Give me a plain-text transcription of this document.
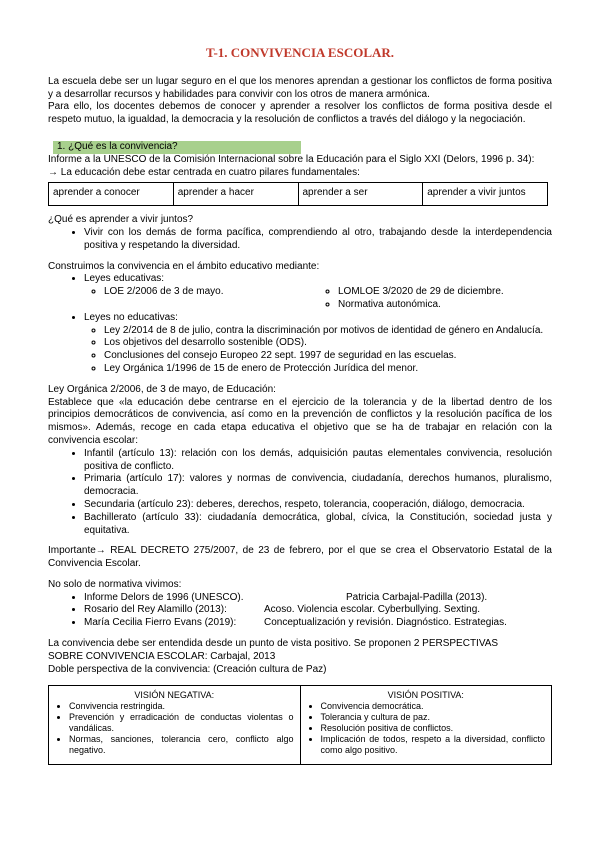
T-1. CONVIVENCIA ESCOLAR.

La escuela debe ser un lugar seguro en el que los menores aprendan a gestionar los conflictos de forma positiva y a desarrollar recursos y habilidades para convivir con los otros de manera armónica.

Para ello, los docentes debemos de conocer y aprender a resolver los conflictos de forma positiva desde el respeto mutuo, la igualdad, la democracia y la resolución de conflictos a través del diálogo y la negociación.

1. ¿Qué es la convivencia?

Informe a la UNESCO de la Comisión Internacional sobre la Educación para el Siglo XXI (Delors, 1996 p. 34):

→ La educación debe estar centrada en cuatro pilares fundamentales:

aprender a conocer	aprender a hacer	aprender a ser	aprender a vivir juntos

¿Qué es aprender a vivir juntos?

• Vivir con los demás de forma pacífica, comprendiendo al otro, trabajando desde la interdependencia positiva y respetando la diversidad.

Construimos la convivencia en el ámbito educativo mediante:

• Leyes educativas:
◦ LOE 2/2006 de 3 de mayo.
◦	LOMLOE 3/2020 de 29 de diciembre.
◦ Normativa autonómica.
• Leyes no educativas:
◦ Ley 2/2014 de 8 de julio, contra la discriminación por motivos de identidad de género en Andalucía.
◦ Los objetivos del desarrollo sostenible (ODS).
◦ Conclusiones del consejo Europeo 22 sept. 1997 de seguridad en las escuelas.
◦ Ley Orgánica 1/1996 de 15 de enero de Protección Jurídica del menor.

Ley Orgánica 2/2006, de 3 de mayo, de Educación:

Establece que «la educación debe centrarse en el ejercicio de la tolerancia y de la libertad dentro de los principios democráticos de convivencia, así como en la prevención de conflictos y la resolución pacífica de los mismos». Además, recoge en cada etapa educativa el objetivo que se ha de trabajar en relación con la convivencia escolar:

• Infantil (artículo 13): relación con los demás, adquisición pautas elementales convivencia, resolución positiva de conflicto.
• Primaria (artículo 17): valores y normas de convivencia, ciudadanía, derechos humanos, pluralismo, democracia.
• Secundaria (artículo 23): deberes, derechos, respeto, tolerancia, cooperación, diálogo, democracia.
• Bachillerato (artículo 33): ciudadanía democrática, global, cívica, la Constitución, sociedad justa y equitativa.

Importante→ REAL DECRETO 275/2007, de 23 de febrero, por el que se crea el Observatorio Estatal de la Convivencia Escolar.

No solo de normativa vivimos:

• Informe Delors de 1996 (UNESCO).	Patricia Carbajal-Padilla (2013).
• Rosario del Rey Alamillo (2013):	Acoso. Violencia escolar. Cyberbullying. Sexting.
• María Cecilia Fierro Evans (2019):	Conceptualización y revisión. Diagnóstico. Estrategias.

La convivencia debe ser entendida desde un punto de vista positivo. Se proponen 2 PERSPECTIVAS

SOBRE CONVIVENCIA ESCOLAR: Carbajal, 2013

Doble perspectiva de la convivencia: (Creación cultura de Paz)

VISIÓN NEGATIVA:
• Convivencia restringida.
• Prevención y erradicación de conductas violentas o vandálicas.
• Normas, sanciones, tolerancia cero, conflicto algo negativo.

VISIÓN POSITIVA:
• Convivencia democrática.
• Tolerancia y cultura de paz.
• Resolución positiva de conflictos.
• Implicación de todos, respeto a la diversidad, conflicto como algo positivo.
